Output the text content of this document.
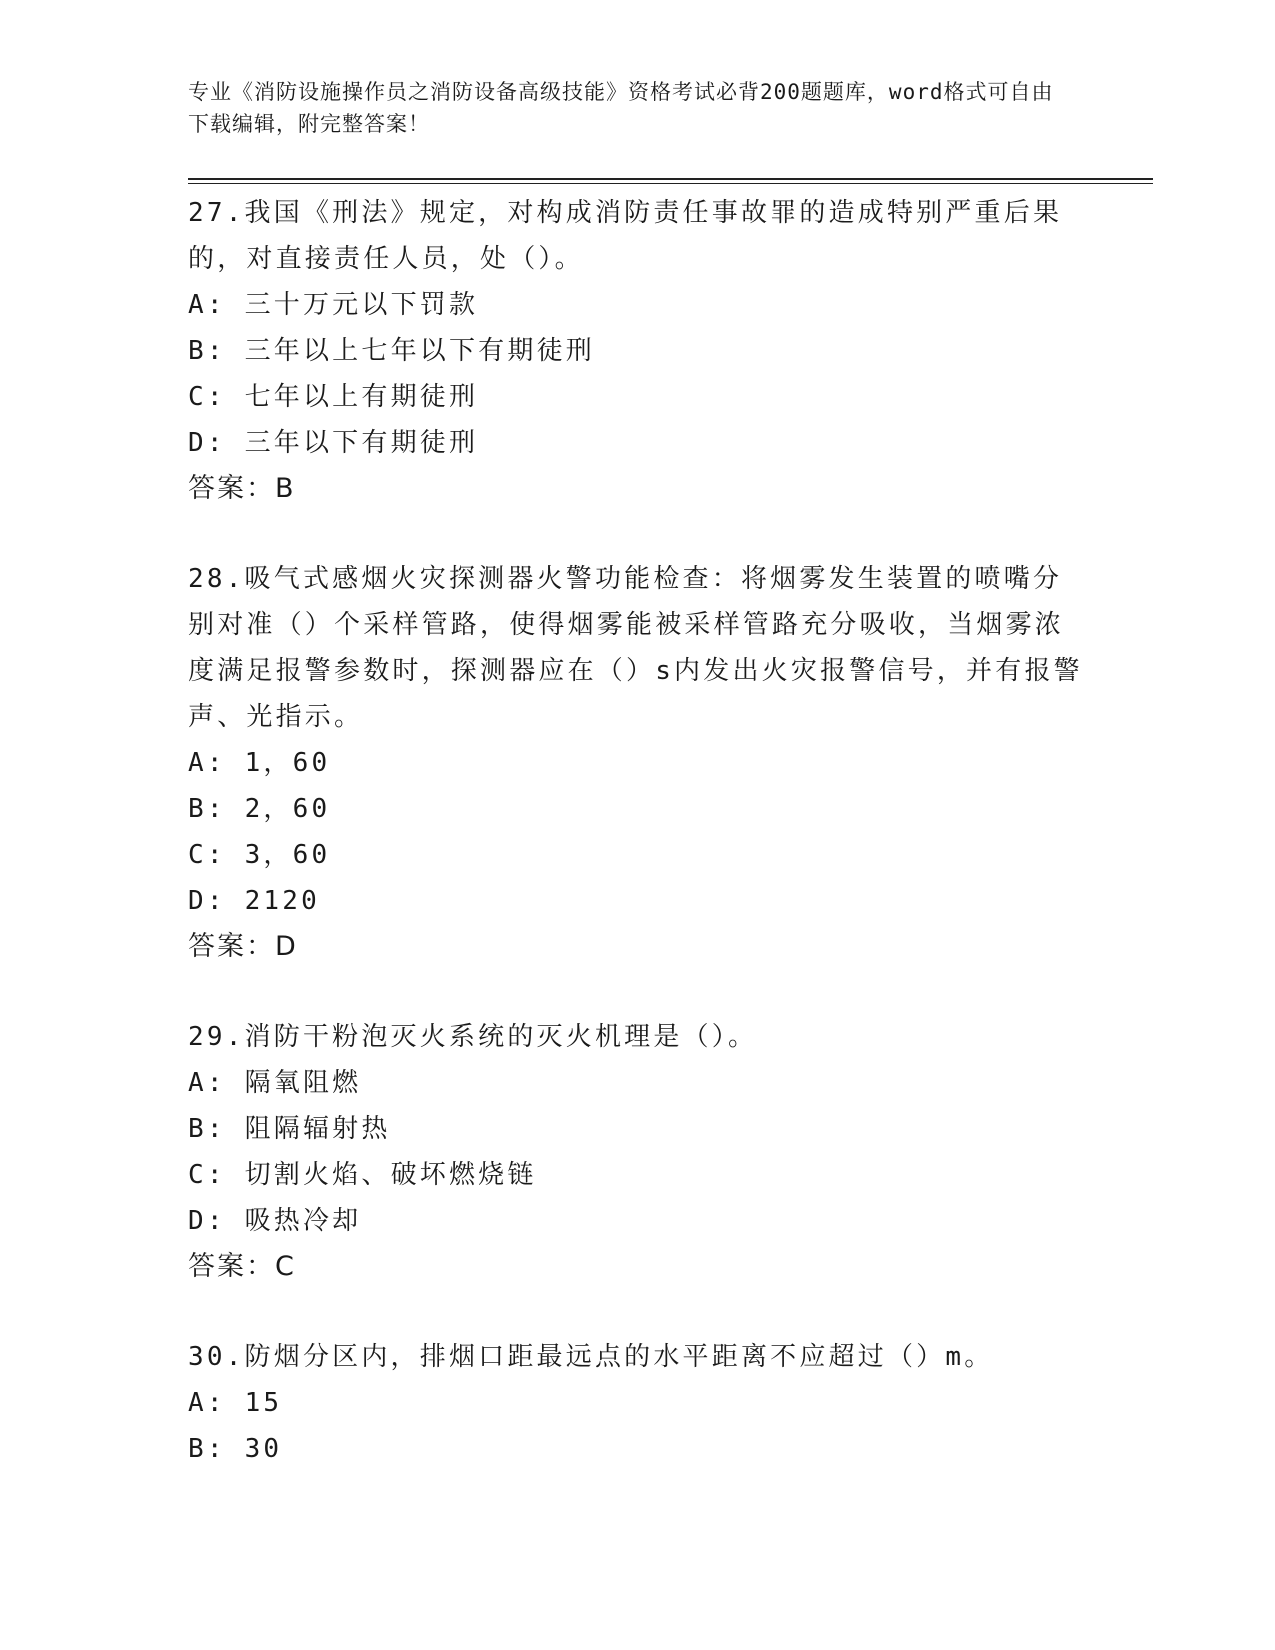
专业《消防设施操作员之消防设备高级技能》资格考试必背200题题库，word格式可自由下载编辑，附完整答案！
27.我国《刑法》规定，对构成消防责任事故罪的造成特别严重后果的，对直接责任人员，处（）。
A: 三十万元以下罚款
B: 三年以上七年以下有期徒刑
C: 七年以上有期徒刑
D: 三年以下有期徒刑
答案：B
28.吸气式感烟火灾探测器火警功能检查：将烟雾发生装置的喷嘴分别对准（）个采样管路，使得烟雾能被采样管路充分吸收，当烟雾浓度满足报警参数时，探测器应在（）s内发出火灾报警信号，并有报警声、光指示。
A: 1，60
B: 2，60
C: 3，60
D: 2120
答案：D
29.消防干粉泡灭火系统的灭火机理是（）。
A: 隔氧阻燃
B: 阻隔辐射热
C: 切割火焰、破坏燃烧链
D: 吸热冷却
答案：C
30.防烟分区内，排烟口距最远点的水平距离不应超过（）m。
A: 15
B: 30
